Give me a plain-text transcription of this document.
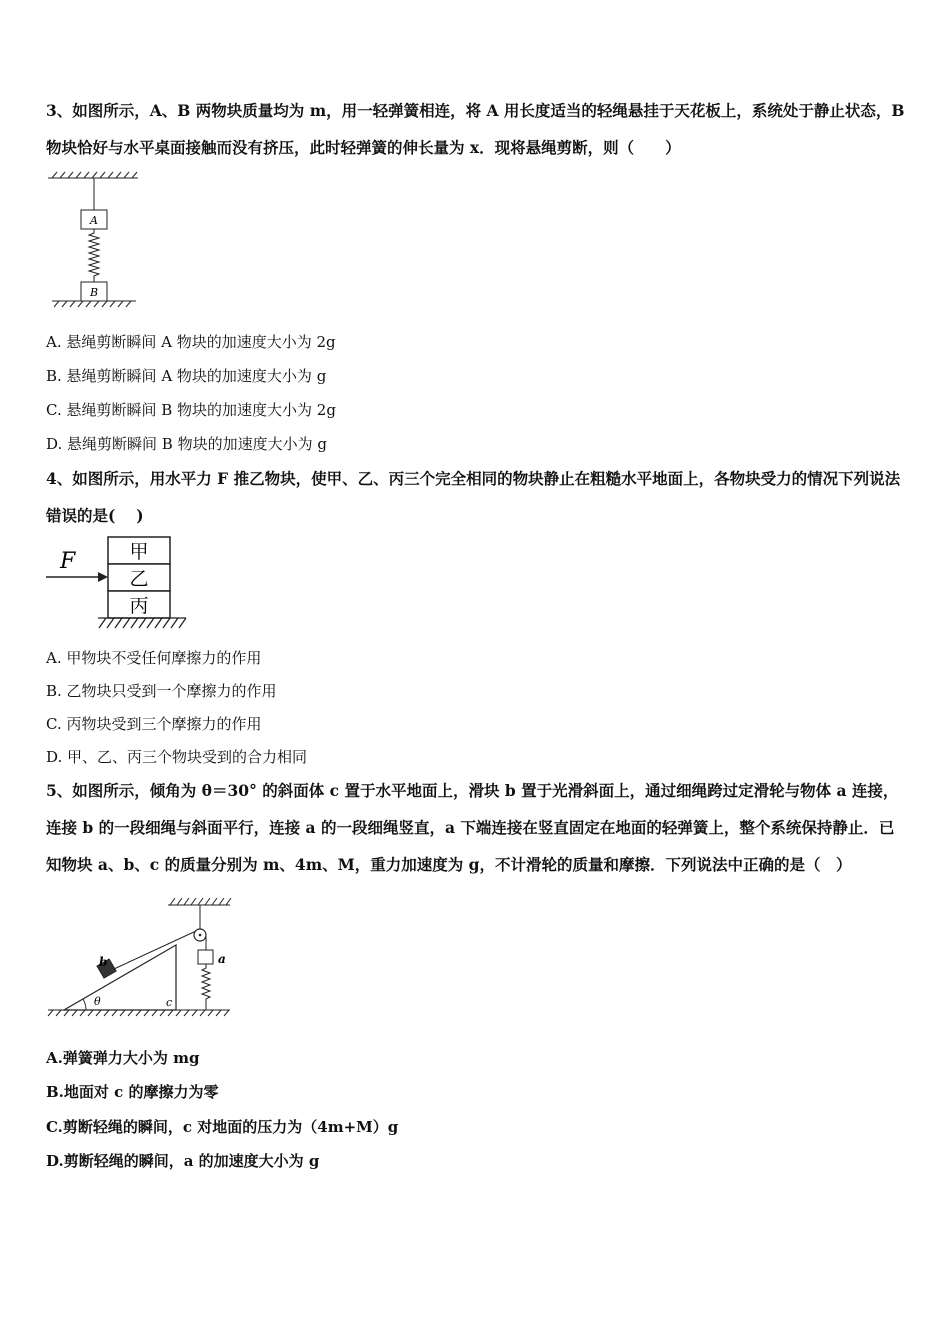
3、如图所示，A、B 两物块质量均为 m，用一轻弹簧相连，将 A 用长度适当的轻绳悬挂于天花板上，系统处于静止状态，B 物块恰好与水平桌面接触而没有挤压，此时轻弹簧的伸长量为 x．现将悬绳剪断，则（　　）
A
B
A. 悬绳剪断瞬间 A 物块的加速度大小为 2g
B. 悬绳剪断瞬间 A 物块的加速度大小为 g
C. 悬绳剪断瞬间 B 物块的加速度大小为 2g
D. 悬绳剪断瞬间 B 物块的加速度大小为 g
4、如图所示，用水平力 F 推乙物块，使甲、乙、丙三个完全相同的物块静止在粗糙水平地面上，各物块受力的情况下列说法错误的是(　 )
F	甲
乙
丙
A. 甲物块不受任何摩擦力的作用
B. 乙物块只受到一个摩擦力的作用
C. 丙物块受到三个摩擦力的作用
D. 甲、乙、丙三个物块受到的合力相同
5、如图所示，倾角为 θ＝30° 的斜面体 c 置于水平地面上，滑块 b 置于光滑斜面上，通过细绳跨过定滑轮与物体 a 连接，连接 b 的一段细绳与斜面平行，连接 a 的一段细绳竖直，a 下端连接在竖直固定在地面的轻弹簧上，整个系统保持静止．已知物块 a、b、c 的质量分别为 m、4m、M，重力加速度为 g，不计滑轮的质量和摩擦．下列说法中正确的是（　）
b
θ	c
a
A.弹簧弹力大小为 mg
B.地面对 c 的摩擦力为零
C.剪断轻绳的瞬间，c 对地面的压力为（4m+M）g
D.剪断轻绳的瞬间，a 的加速度大小为 g
